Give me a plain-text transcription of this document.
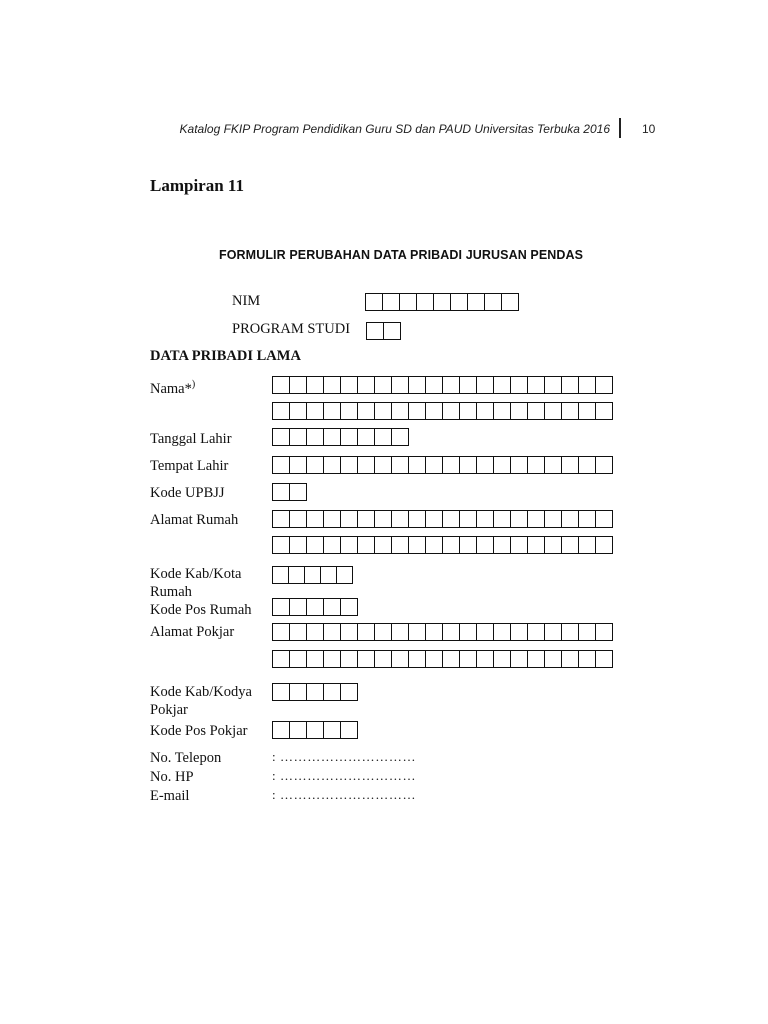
Katalog FKIP Program Pendidikan Guru SD dan PAUD Universitas Terbuka 2016	10
Lampiran 11
FORMULIR PERUBAHAN DATA PRIBADI JURUSAN PENDAS
NIM
PROGRAM STUDI
DATA PRIBADI LAMA
Nama*)
Tanggal Lahir
Tempat Lahir
Kode UPBJJ
Alamat Rumah
Kode Kab/Kota
Rumah
Kode Pos Rumah
Alamat Pokjar
Kode Kab/Kodya
Pokjar
Kode Pos Pokjar
No. Telepon	: …………………………
No. HP	: …………………………
E-mail	: …………………………
